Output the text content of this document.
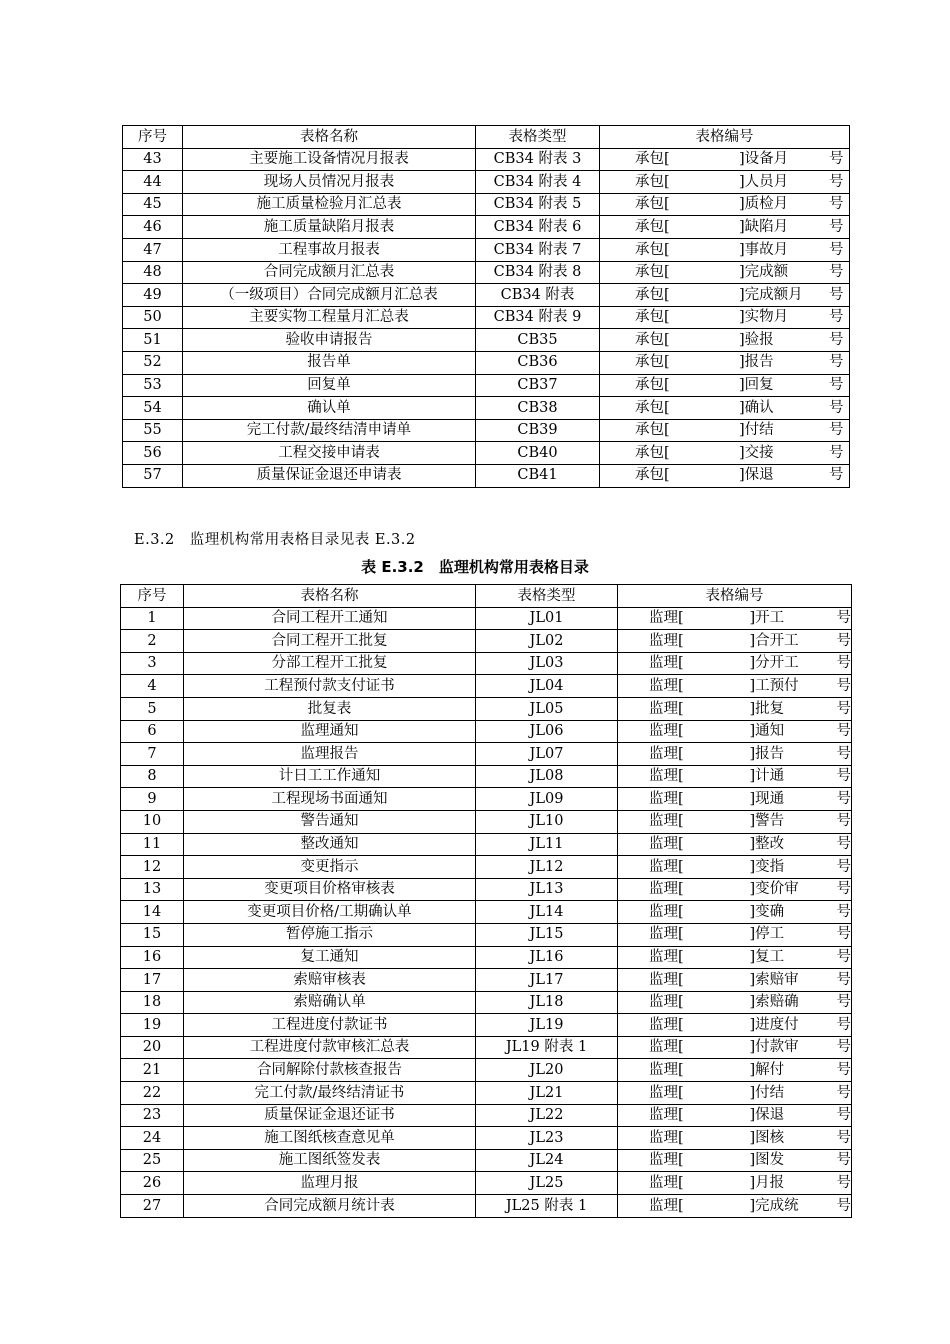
序号	表格名称	表格类型	表格编号
43	主要施工设备情况月报表	CB34 附表 3	承包[ ]设备月 号

44	现场人员情况月报表	CB34 附表 4	承包[ ]人员月 号

45	施工质量检验月汇总表	CB34 附表 5	承包[ ]质检月 号

46	施工质量缺陷月报表	CB34 附表 6	承包[ ]缺陷月 号

47	工程事故月报表	CB34 附表 7	承包[ ]事故月 号

48	合同完成额月汇总表	CB34 附表 8	承包[ ]完成额 号

49	（一级项目）合同完成额月汇总表	CB34 附表	承包[ ]完成额月 号

50	主要实物工程量月汇总表	CB34 附表 9	承包[ ]实物月 号

51	验收申请报告	CB35	承包[ ]验报 号

52	报告单	CB36	承包[ ]报告 号

53	回复单	CB37	承包[ ]回复 号

54	确认单	CB38	承包[ ]确认 号

55	完工付款/最终结清申请单	CB39	承包[ ]付结 号

56	工程交接申请表	CB40	承包[ ]交接 号

57	质量保证金退还申请表	CB41	承包[ ]保退 号
E.3.2　监理机构常用表格目录见表 E.3.2
表 E.3.2　监理机构常用表格目录
序号	表格名称	表格类型	表格编号
1	合同工程开工通知	JL01	监理[ ]开工 号

2	合同工程开工批复	JL02	监理[ ]合开工 号

3	分部工程开工批复	JL03	监理[ ]分开工 号

4	工程预付款支付证书	JL04	监理[ ]工预付 号

5	批复表	JL05	监理[ ]批复 号

6	监理通知	JL06	监理[ ]通知 号

7	监理报告	JL07	监理[ ]报告 号

8	计日工工作通知	JL08	监理[ ]计通 号

9	工程现场书面通知	JL09	监理[ ]现通 号

10	警告通知	JL10	监理[ ]警告 号

11	整改通知	JL11	监理[ ]整改 号

12	变更指示	JL12	监理[ ]变指 号

13	变更项目价格审核表	JL13	监理[ ]变价审 号

14	变更项目价格/工期确认单	JL14	监理[ ]变确 号

15	暂停施工指示	JL15	监理[ ]停工 号

16	复工通知	JL16	监理[ ]复工 号

17	索赔审核表	JL17	监理[ ]索赔审 号

18	索赔确认单	JL18	监理[ ]索赔确 号

19	工程进度付款证书	JL19	监理[ ]进度付 号

20	工程进度付款审核汇总表	JL19 附表 1	监理[ ]付款审 号

21	合同解除付款核查报告	JL20	监理[ ]解付 号

22	完工付款/最终结清证书	JL21	监理[ ]付结 号

23	质量保证金退还证书	JL22	监理[ ]保退 号

24	施工图纸核查意见单	JL23	监理[ ]图核 号

25	施工图纸签发表	JL24	监理[ ]图发 号

26	监理月报	JL25	监理[ ]月报 号

27	合同完成额月统计表	JL25 附表 1	监理[ ]完成统 号
